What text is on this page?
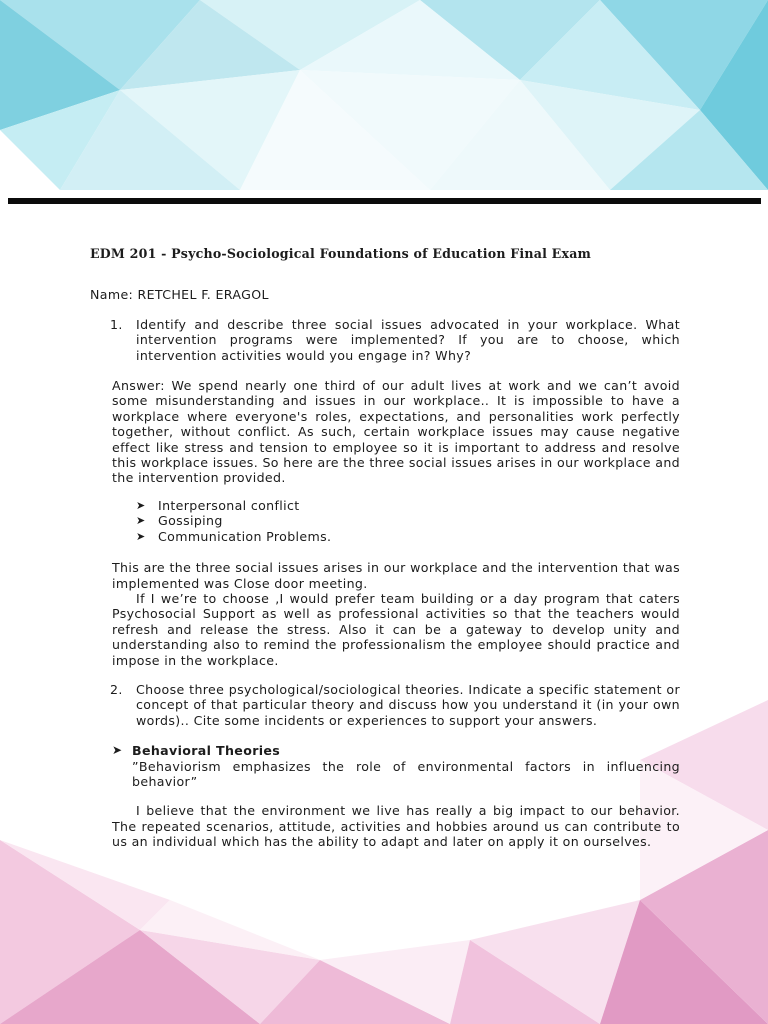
EDM 201 - Psycho-Sociological Foundations of Education Final Exam
Name: RETCHEL F. ERAGOL
1.	Identify and describe three social issues advocated in your workplace. What intervention programs were implemented? If you are to choose, which intervention activities would you engage in? Why?
Answer: We spend nearly one third of our adult lives at work and we can’t avoid some misunderstanding and issues in our workplace.. It is impossible to have a workplace where everyone's roles, expectations, and personalities work perfectly together, without conflict. As such, certain workplace issues may cause negative effect like stress and tension to employee so it is important to address and resolve this workplace issues. So here are the three social issues arises in our workplace and the intervention provided.
➤ Interpersonal conflict
➤ Gossiping
➤ Communication Problems.
This are the three social issues arises in our workplace and the intervention that was implemented was Close door meeting.
If I we’re to choose ,I would prefer team building or a day program that caters Psychosocial Support as well as professional activities so that the teachers would refresh and release the stress. Also it can be a gateway to develop unity and understanding also to remind the professionalism the employee should practice and impose in the workplace.
2.	Choose three psychological/sociological theories. Indicate a specific statement or concept of that particular theory and discuss how you understand it (in your own words).. Cite some incidents or experiences to support your answers.
➤ Behavioral Theories
”Behaviorism emphasizes the role of environmental factors in influencing behavior”
I believe that the environment we live has really a big impact to our behavior. The repeated scenarios, attitude, activities and hobbies around us can contribute to us an individual which has the ability to adapt and later on apply it on ourselves.
